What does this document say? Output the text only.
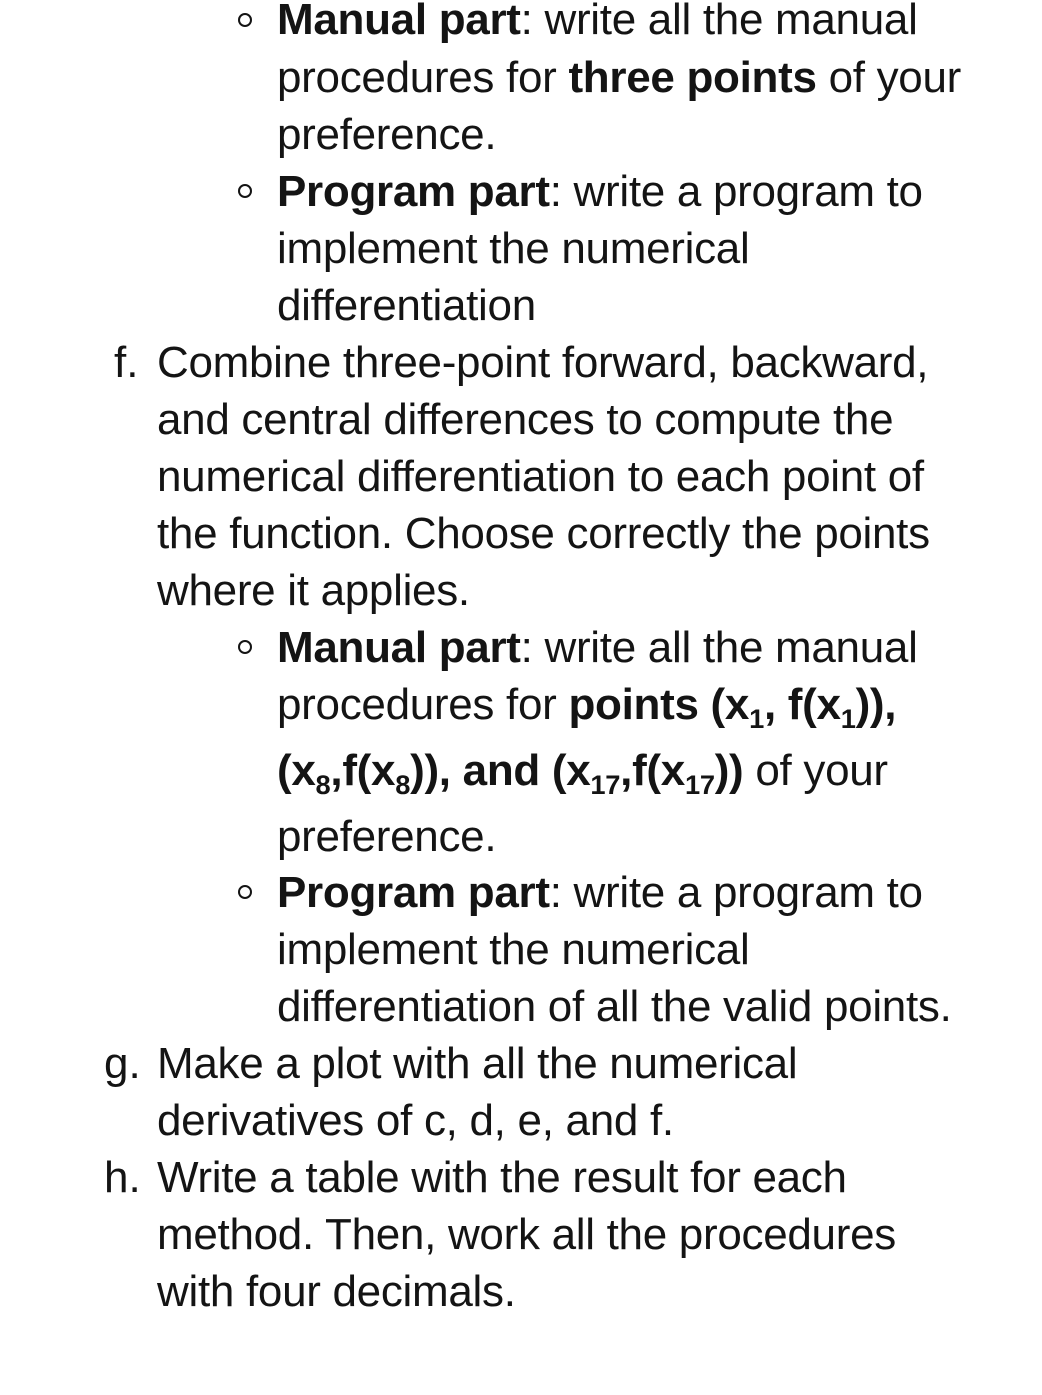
Manual part: write all the manual
procedures for three points of your
preference.
Program part: write a program to
implement the numerical
differentiation
f. Combine three-point forward, backward,
and central differences to compute the
numerical differentiation to each point of
the function. Choose correctly the points
where it applies.
Manual part: write all the manual
procedures for points (x1, f(x1)),
(x8,f(x8)), and (x17,f(x17)) of your
preference.
Program part: write a program to
implement the numerical
differentiation of all the valid points.
g. Make a plot with all the numerical
derivatives of c, d, e, and f.
h. Write a table with the result for each
method. Then, work all the procedures
with four decimals.
